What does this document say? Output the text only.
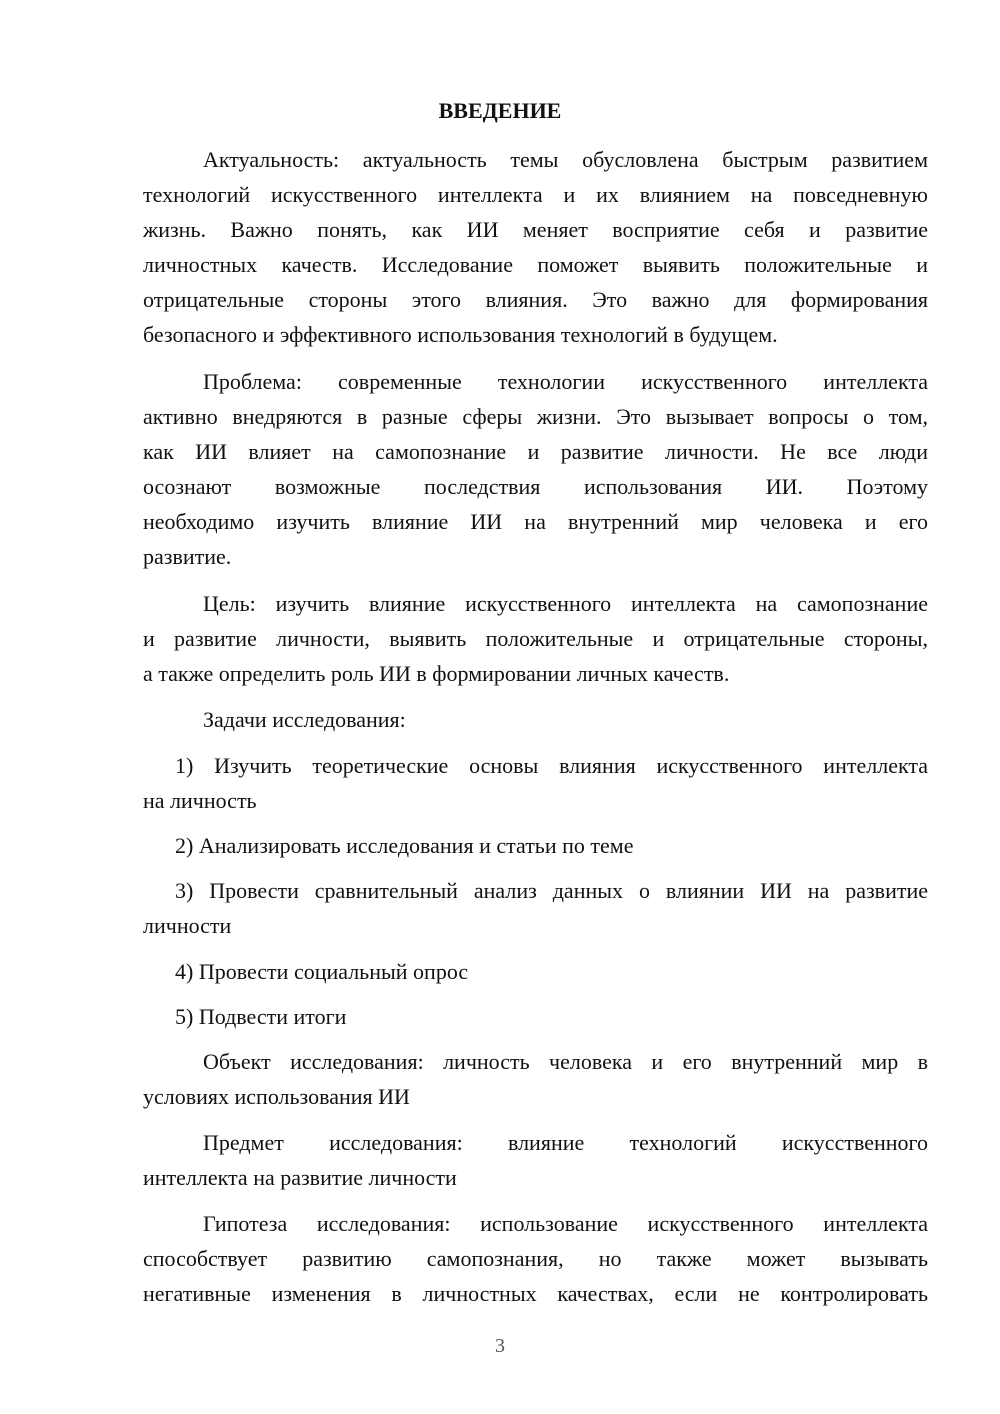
ВВЕДЕНИЕ
Актуальность: актуальность темы обусловлена быстрым развитием
технологий искусственного интеллекта и их влиянием на повседневную
жизнь. Важно понять, как ИИ меняет восприятие себя и развитие
личностных качеств. Исследование поможет выявить положительные и
отрицательные стороны этого влияния. Это важно для формирования
безопасного и эффективного использования технологий в будущем.
Проблема: современные технологии искусственного интеллекта
активно внедряются в разные сферы жизни. Это вызывает вопросы о том,
как ИИ влияет на самопознание и развитие личности. Не все люди
осознают возможные последствия использования ИИ. Поэтому
необходимо изучить влияние ИИ на внутренний мир человека и его
развитие.
Цель: изучить влияние искусственного интеллекта на самопознание
и развитие личности, выявить положительные и отрицательные стороны,
а также определить роль ИИ в формировании личных качеств.
Задачи исследования:
1) Изучить теоретические основы влияния искусственного интеллекта
на личность
2) Анализировать исследования и статьи по теме
3) Провести сравнительный анализ данных о влиянии ИИ на развитие
личности
4) Провести социальный опрос
5) Подвести итоги
Объект исследования: личность человека и его внутренний мир в
условиях использования ИИ
Предмет исследования: влияние технологий искусственного
интеллекта на развитие личности
Гипотеза исследования: использование искусственного интеллекта
способствует развитию самопознания, но также может вызывать
негативные изменения в личностных качествах, если не контролировать
3
